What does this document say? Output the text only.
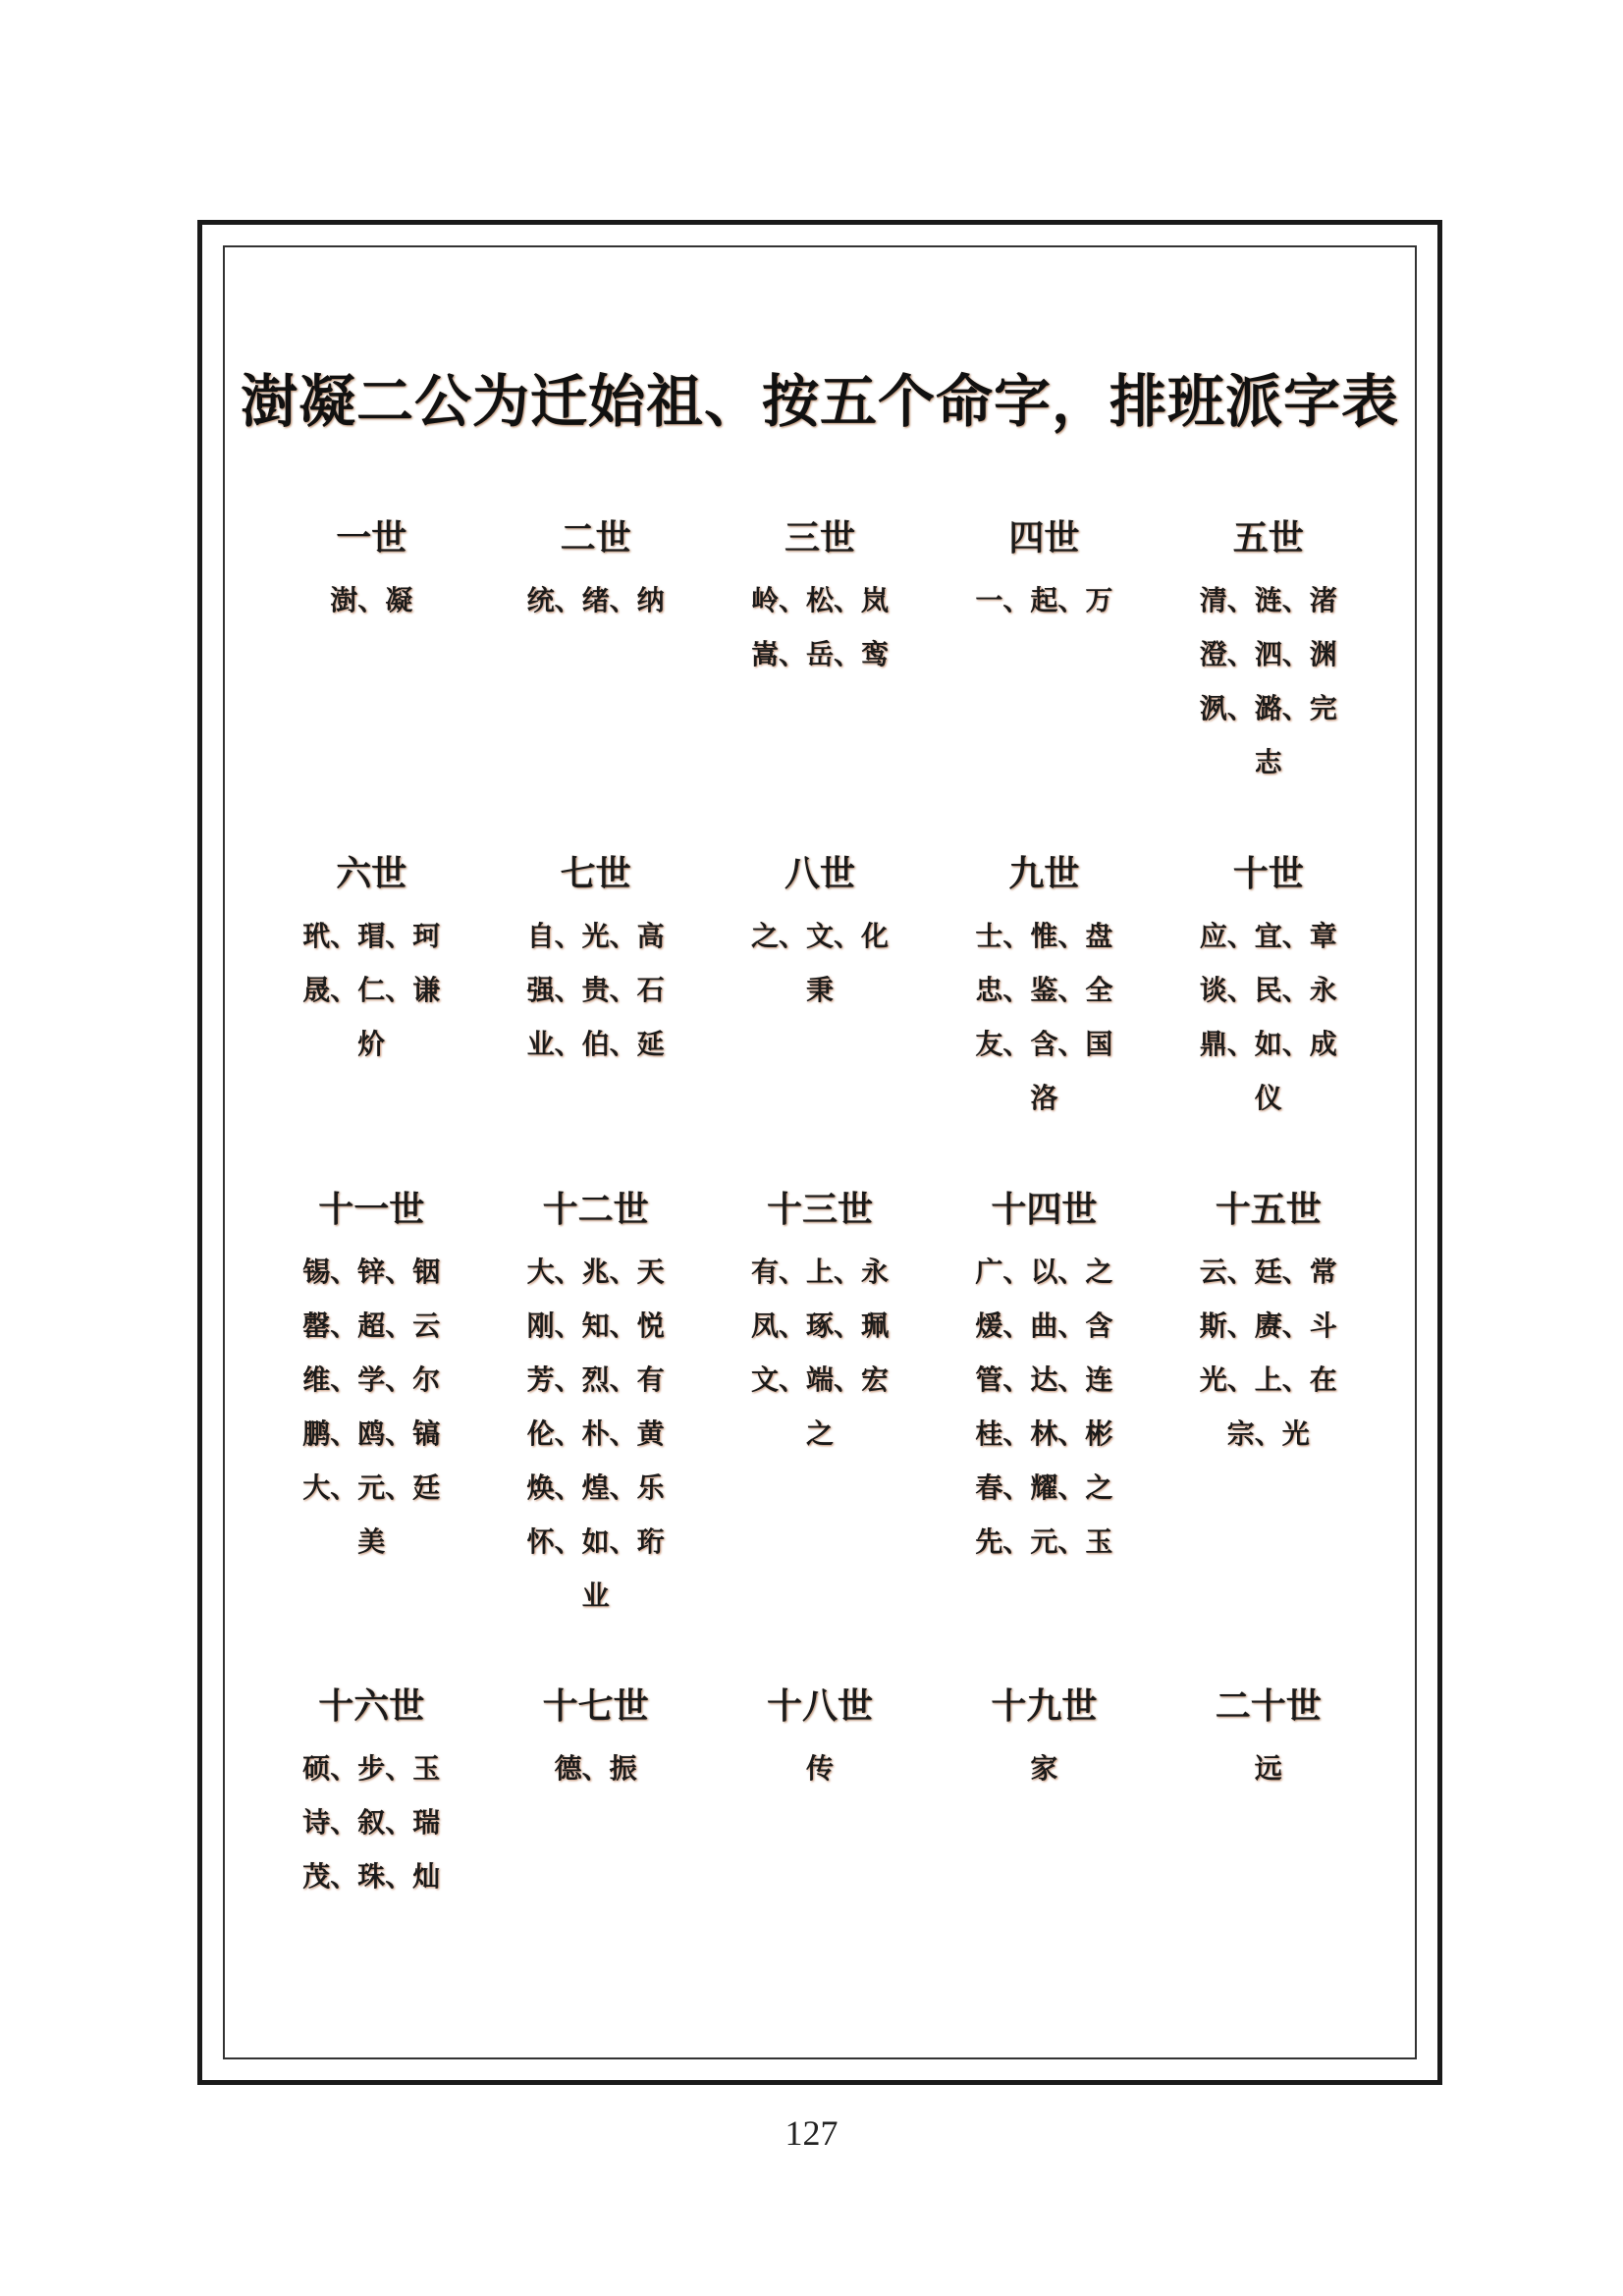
澍凝二公为迁始祖、按五个命字，排班派字表
一世
澍、凝
二世
统、绪、纳
三世
岭、松、岚
嵩、岳、鸾
四世
一、起、万
五世
清、涟、渚
澄、泗、渊
洬、潞、完
志
六世
玳、瑁、珂
晟、仁、谦
炌
七世
自、光、高
强、贵、石
业、伯、延
八世
之、文、化
秉
九世
士、惟、盘
忠、鉴、全
友、含、国
洛
十世
应、宜、章
谈、民、永
鼎、如、成
仪
十一世
锡、锌、铟
罄、超、云
维、学、尔
鹏、鸥、镐
大、元、廷
美
十二世
大、兆、天
刚、知、悦
芳、烈、有
伦、朴、黄
焕、煌、乐
怀、如、珩
业
十三世
有、上、永
凤、琢、珮
文、端、宏
之
十四世
广、以、之
煖、曲、含
管、达、连
桂、林、彬
春、耀、之
先、元、玉
十五世
云、廷、常
斯、赓、斗
光、上、在
宗、光
十六世
硕、步、玉
诗、叙、瑞
茂、珠、灿
十七世
德、振
十八世
传
十九世
家
二十世
远
127
